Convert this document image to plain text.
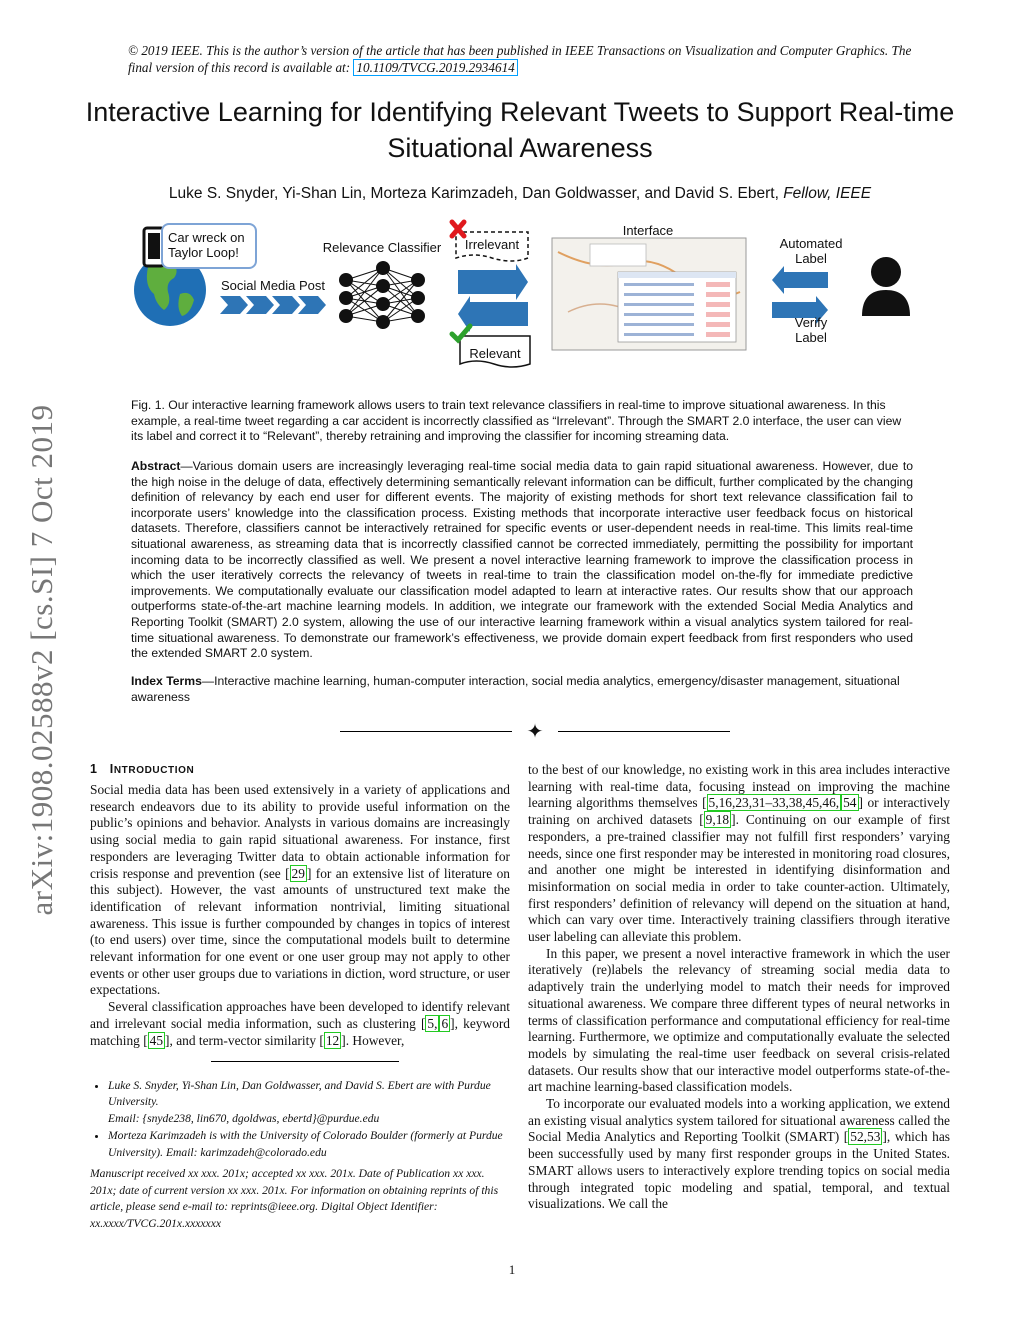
© 2019 IEEE. This is the author’s version of the article that has been published in IEEE Transactions on Visualization and Computer Graphics. The final version of this record is available at: 10.1109/TVCG.2019.2934614
Interactive Learning for Identifying Relevant Tweets to Support Real-time Situational Awareness
Luke S. Snyder, Yi-Shan Lin, Morteza Karimzadeh, Dan Goldwasser, and David S. Ebert, Fellow, IEEE
arXiv:1908.02588v2 [cs.SI] 7 Oct 2019
Car wreck on
Taylor Loop!
Social Media Post
Relevance Classifier	Irrelevant
Relevant
Interface
Automated
Label
Verify
Label
Fig. 1. Our interactive learning framework allows users to train text relevance classifiers in real-time to improve situational awareness. In this example, a real-time tweet regarding a car accident is incorrectly classified as “Irrelevant”. Through the SMART 2.0 interface, the user can view its label and correct it to “Relevant”, thereby retraining and improving the classifier for incoming streaming data.
Abstract—Various domain users are increasingly leveraging real-time social media data to gain rapid situational awareness. However, due to the high noise in the deluge of data, effectively determining semantically relevant information can be difficult, further complicated by the changing definition of relevancy by each end user for different events. The majority of existing methods for short text relevance classification fail to incorporate users’ knowledge into the classification process. Existing methods that incorporate interactive user feedback focus on historical datasets. Therefore, classifiers cannot be interactively retrained for specific events or user-dependent needs in real-time. This limits real-time situational awareness, as streaming data that is incorrectly classified cannot be corrected immediately, permitting the possibility for important incoming data to be incorrectly classified as well. We present a novel interactive learning framework to improve the classification process in which the user iteratively corrects the relevancy of tweets in real-time to train the classification model on-the-fly for immediate predictive improvements. We computationally evaluate our classification model adapted to learn at interactive rates. Our results show that our approach outperforms state-of-the-art machine learning models. In addition, we integrate our framework with the extended Social Media Analytics and Reporting Toolkit (SMART) 2.0 system, allowing the use of our interactive learning framework within a visual analytics system tailored for real-time situational awareness. To demonstrate our framework’s effectiveness, we provide domain expert feedback from first responders who used the extended SMART 2.0 system.
Index Terms—Interactive machine learning, human-computer interaction, social media analytics, emergency/disaster management, situational awareness
✦
1 INTRODUCTION

Social media data has been used extensively in a variety of applications and research endeavors due to its ability to provide useful information on the public’s opinions and behavior. Analysts in various domains are increasingly using social media to gain rapid situational awareness. For instance, first responders are leveraging Twitter data to obtain actionable information for crisis response and prevention (see [ 29 ] for an extensive list of literature on this subject). However, the vast amounts of unstructured text make the identification of relevant information nontrivial, limiting situational awareness. This issue is further compounded by changes in topics of interest (to end users) over time, since the computational models built to determine relevant information for one event or one user group may not apply to other events or other user groups due to variations in diction, word structure, or user expectations.

Several classification approaches have been developed to identify relevant and irrelevant social media information, such as clustering [ 5, 6 ], keyword matching [ 45 ], and term-vector similarity [ 12 ]. However,

to the best of our knowledge, no existing work in this area includes interactive learning with real-time data, focusing instead on improving the machine learning algorithms themselves [ 5,16,23,31–33,38,45,46, 54 ] or interactively training on archived datasets [ 9,18 ]. Continuing on our example of first responders, a pre-trained classifier may not fulfill first responders’ varying needs, since one first responder may be interested in monitoring road closures, and another one might be interested in identifying disinformation and misinformation on social media in order to take counter-action. Ultimately, first responders’ definition of relevancy will depend on the situation at hand, which can vary over time. Interactively training classifiers through iterative user labeling can alleviate this problem.

In this paper, we present a novel interactive framework in which the user iteratively (re)labels the relevancy of streaming social media data to adaptively train the underlying model to match their needs for improved situational awareness. We compare three different types of neural networks in terms of classification performance and computational efficiency for real-time learning. Furthermore, we optimize and computationally evaluate the selected models by simulating the real-time user feedback on several crisis-related datasets. Our results show that our interactive model outperforms state-of-the-art machine learning-based classification models.

To incorporate our evaluated models into a working application, we extend an existing visual analytics system tailored for situational awareness called the Social Media Analytics and Reporting Toolkit (SMART) [ 52,53 ], which has been successfully used by many first responder groups in the United States. SMART allows users to interactively explore trending topics on social media through integrated topic modeling and spatial, temporal, and textual visualizations. We call the

• Luke S. Snyder, Yi-Shan Lin, Dan Goldwasser, and David S. Ebert are with Purdue University.
Email: {snyde238, lin670, dgoldwas, ebertd}@purdue.edu
• Morteza Karimzadeh is with the University of Colorado Boulder (formerly at Purdue University). Email: karimzadeh@colorado.edu
Manuscript received xx xxx. 201x; accepted xx xxx. 201x. Date of Publication xx xxx. 201x; date of current version xx xxx. 201x. For information on obtaining reprints of this article, please send e-mail to: reprints@ieee.org. Digital Object Identifier: xx.xxxx/TVCG.201x.xxxxxxx
1
